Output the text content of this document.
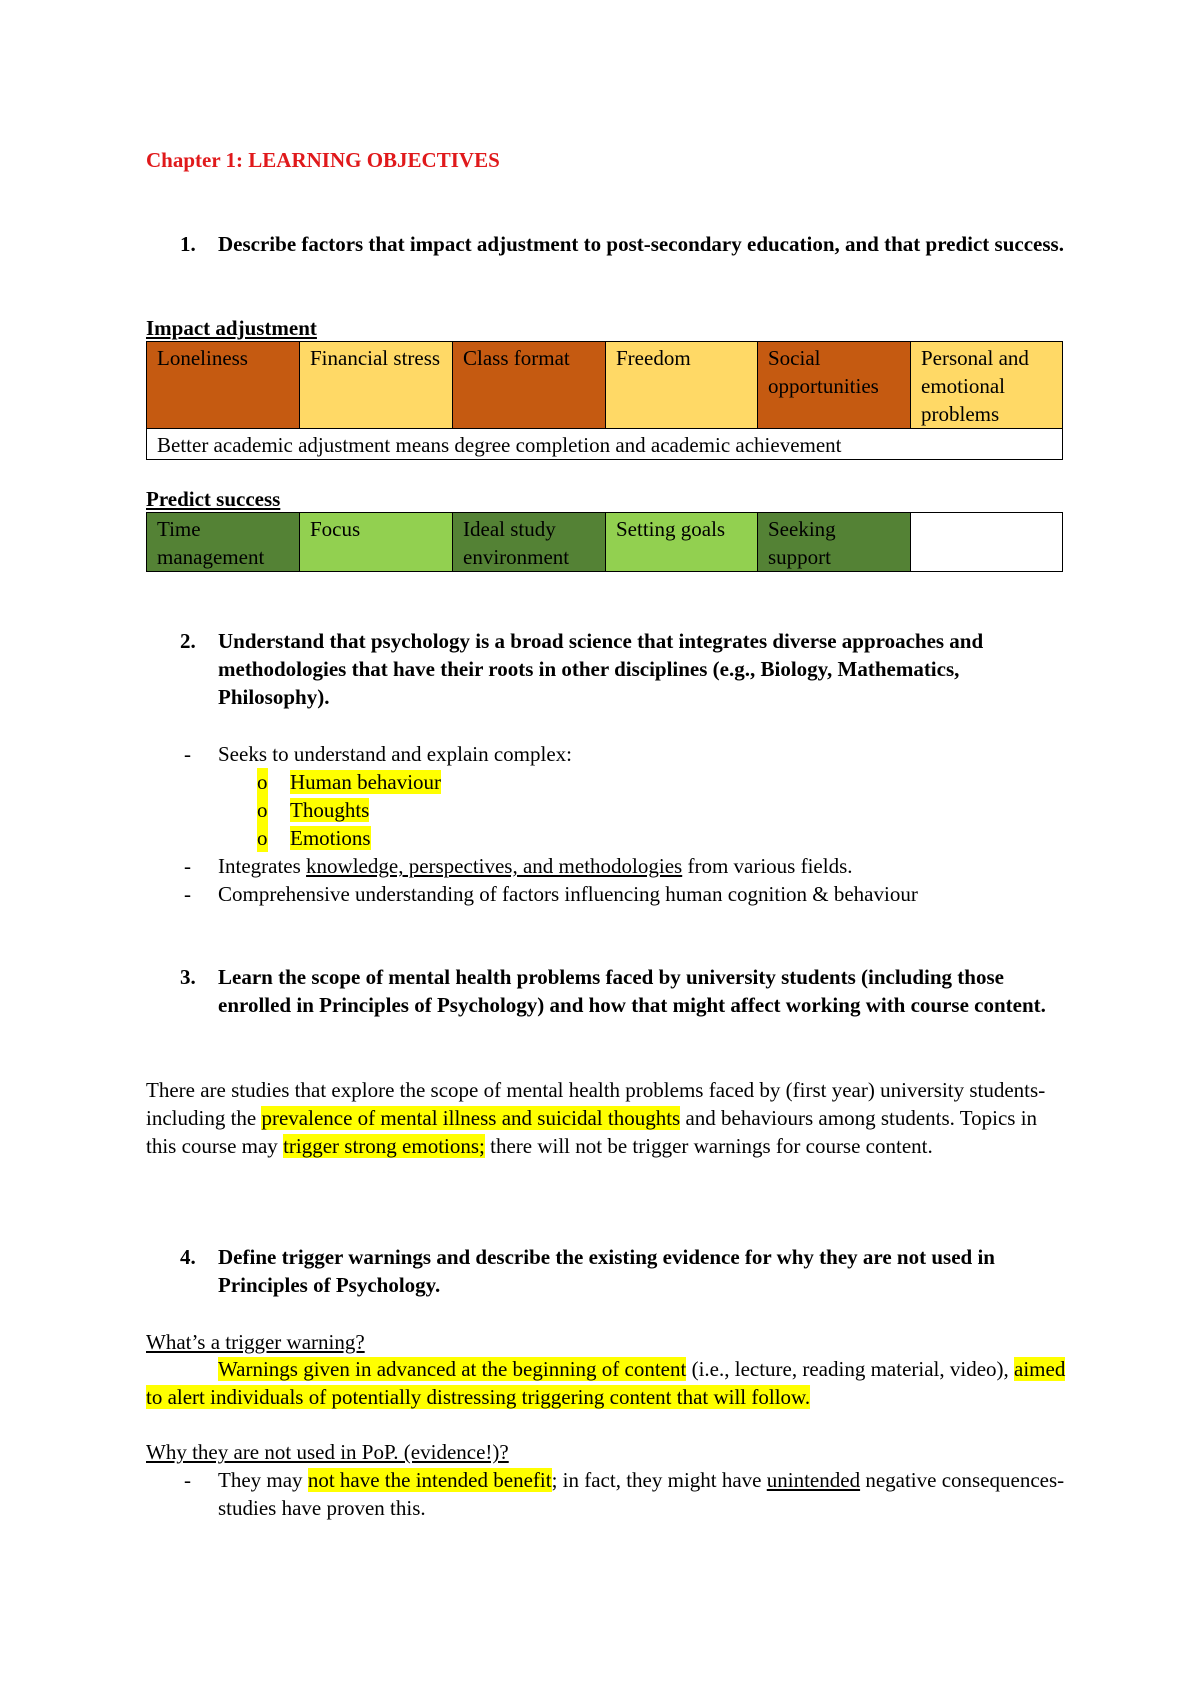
Chapter 1: LEARNING OBJECTIVES
1. Describe factors that impact adjustment to post-secondary education, and that predict success.
Impact adjustment
Loneliness	Financial stress	Class format	Freedom	Social opportunities	Personal and emotional problems
Better academic adjustment means degree completion and academic achievement
Predict success
Time management	Focus	Ideal study environment	Setting goals	Seeking support	
2. Understand that psychology is a broad science that integrates diverse approaches and methodologies that have their roots in other disciplines (e.g., Biology, Mathematics, Philosophy).
- Seeks to understand and explain complex:
o Human behaviour
o Thoughts
o Emotions
- Integrates knowledge, perspectives, and methodologies from various fields.
- Comprehensive understanding of factors influencing human cognition & behaviour
3. Learn the scope of mental health problems faced by university students (including those enrolled in Principles of Psychology) and how that might affect working with course content.
There are studies that explore the scope of mental health problems faced by (first year) university students- including the prevalence of mental illness and suicidal thoughts and behaviours among students. Topics in this course may trigger strong emotions; there will not be trigger warnings for course content.
4. Define trigger warnings and describe the existing evidence for why they are not used in Principles of Psychology.
What’s a trigger warning?
Warnings given in advanced at the beginning of content (i.e., lecture, reading material, video), aimed to alert individuals of potentially distressing triggering content that will follow.
Why they are not used in PoP. (evidence!)?
- They may not have the intended benefit; in fact, they might have unintended negative consequences- studies have proven this.
